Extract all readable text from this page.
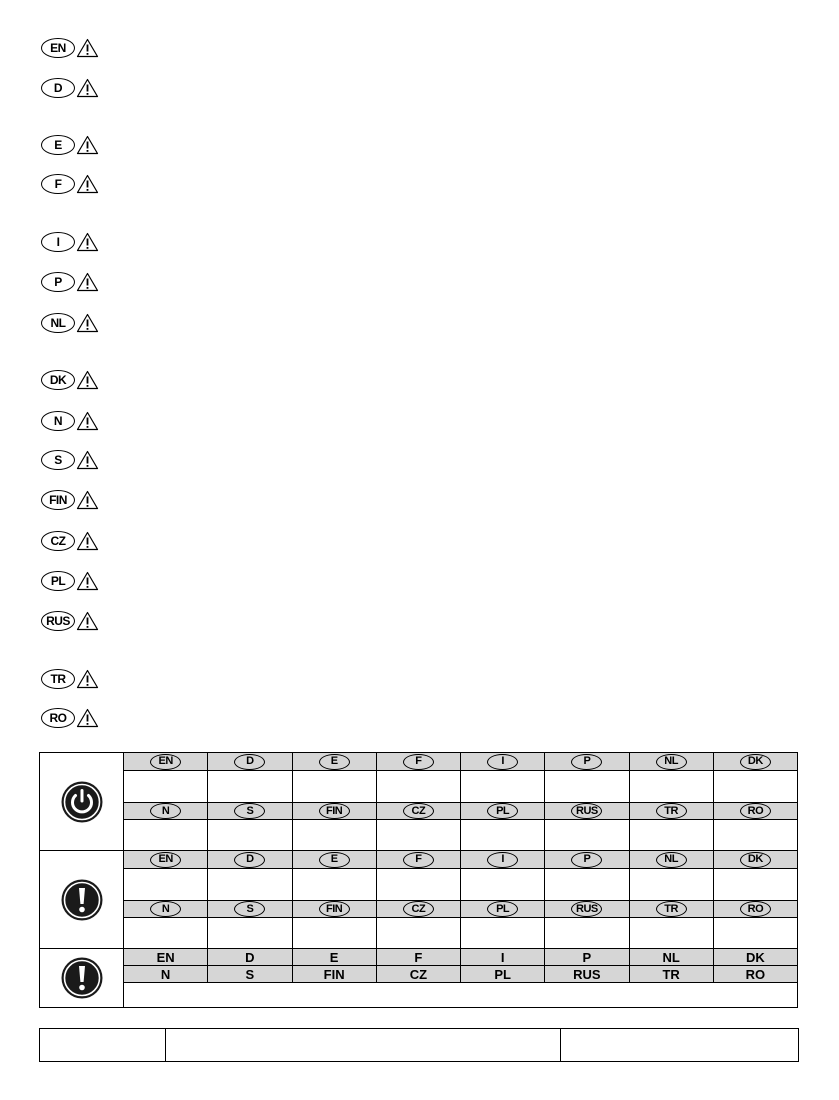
EN
D
E
F
I
P
NL
DK
N
S
FIN
CZ
PL
RUS
TR
RO
EN	D	E	F	I	P	NL	DK
N	S	FIN	CZ	PL	RUS	TR	RO
EN	D	E	F	I	P	NL	DK
N	S	FIN	CZ	PL	RUS	TR	RO
EN	D	E	F	I	P	NL	DK
N	S	FIN	CZ	PL	RUS	TR	RO
